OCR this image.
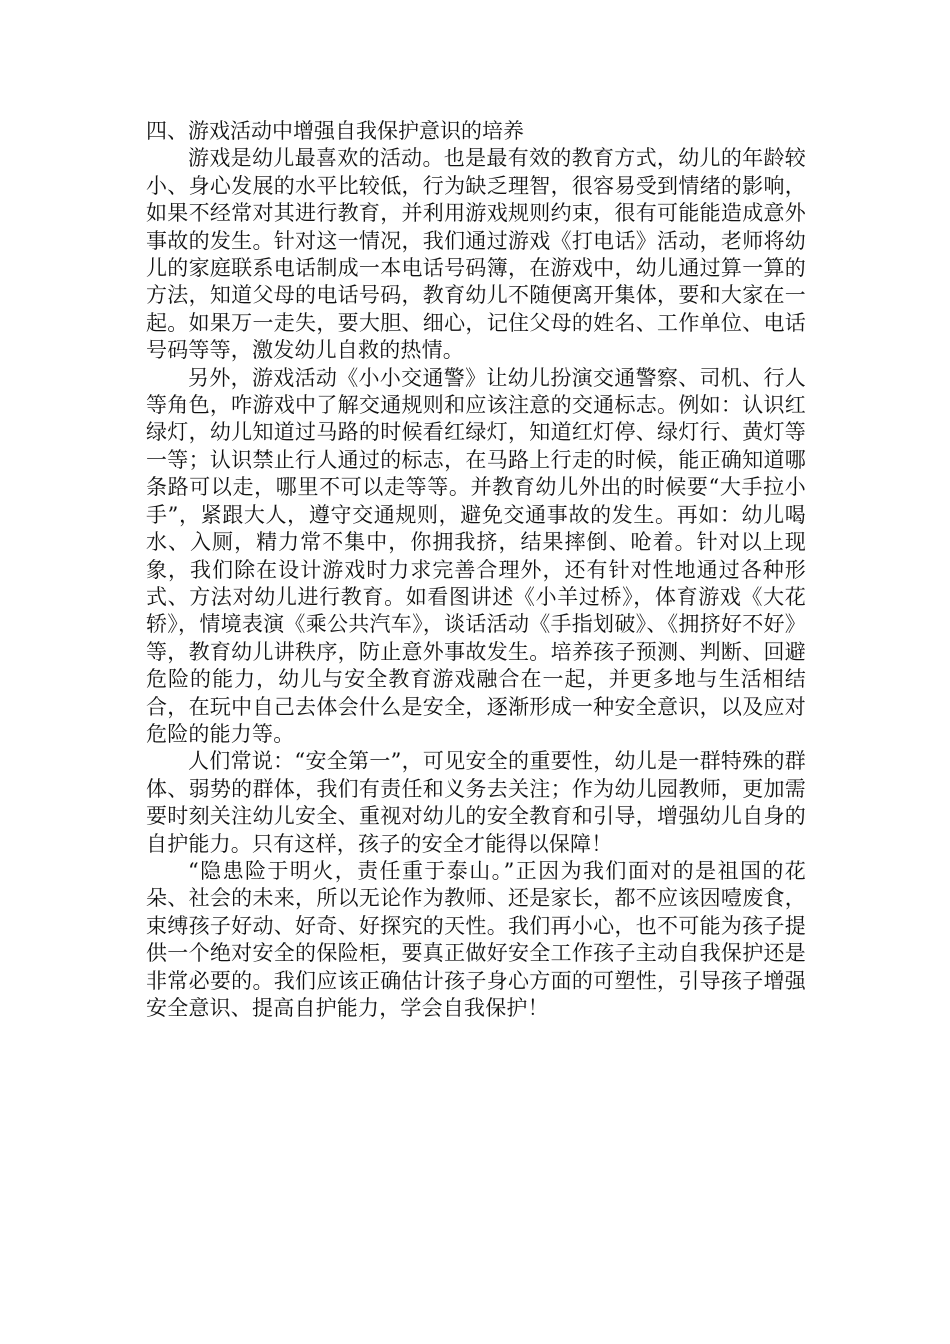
四、游戏活动中增强自我保护意识的培养

游戏是幼儿最喜欢的活动。也是最有效的教育方式，幼儿的年龄较小、身心发展的水平比较低，行为缺乏理智，很容易受到情绪的影响，如果不经常对其进行教育，并利用游戏规则约束，很有可能能造成意外事故的发生。针对这一情况，我们通过游戏《打电话》活动，老师将幼儿的家庭联系电话制成一本电话号码簿，在游戏中，幼儿通过算一算的方法，知道父母的电话号码，教育幼儿不随便离开集体，要和大家在一起。如果万一走失，要大胆、细心，记住父母的姓名、工作单位、电话号码等等，激发幼儿自救的热情。

另外，游戏活动《小小交通警》让幼儿扮演交通警察、司机、行人等角色，咋游戏中了解交通规则和应该注意的交通标志。例如：认识红绿灯，幼儿知道过马路的时候看红绿灯，知道红灯停、绿灯行、黄灯等一等；认识禁止行人通过的标志，在马路上行走的时候，能正确知道哪条路可以走，哪里不可以走等等。并教育幼儿外出的时候要“大手拉小手”，紧跟大人，遵守交通规则，避免交通事故的发生。再如：幼儿喝水、入厕，精力常不集中，你拥我挤，结果摔倒、呛着。针对以上现象，我们除在设计游戏时力求完善合理外，还有针对性地通过各种形式、方法对幼儿进行教育。如看图讲述《小羊过桥》，体育游戏《大花轿》，情境表演《乘公共汽车》，谈话活动《手指划破》、《拥挤好不好》等，教育幼儿讲秩序，防止意外事故发生。培养孩子预测、判断、回避危险的能力，幼儿与安全教育游戏融合在一起，并更多地与生活相结合，在玩中自己去体会什么是安全，逐渐形成一种安全意识，以及应对危险的能力等。

人们常说：“安全第一”，可见安全的重要性，幼儿是一群特殊的群体、弱势的群体，我们有责任和义务去关注；作为幼儿园教师，更加需要时刻关注幼儿安全、重视对幼儿的安全教育和引导，增强幼儿自身的自护能力。只有这样，孩子的安全才能得以保障！

“隐患险于明火，责任重于泰山。”正因为我们面对的是祖国的花朵、社会的未来，所以无论作为教师、还是家长，都不应该因噎废食，束缚孩子好动、好奇、好探究的天性。我们再小心，也不可能为孩子提供一个绝对安全的保险柜，要真正做好安全工作孩子主动自我保护还是非常必要的。我们应该正确估计孩子身心方面的可塑性，引导孩子增强安全意识、提高自护能力，学会自我保护！
